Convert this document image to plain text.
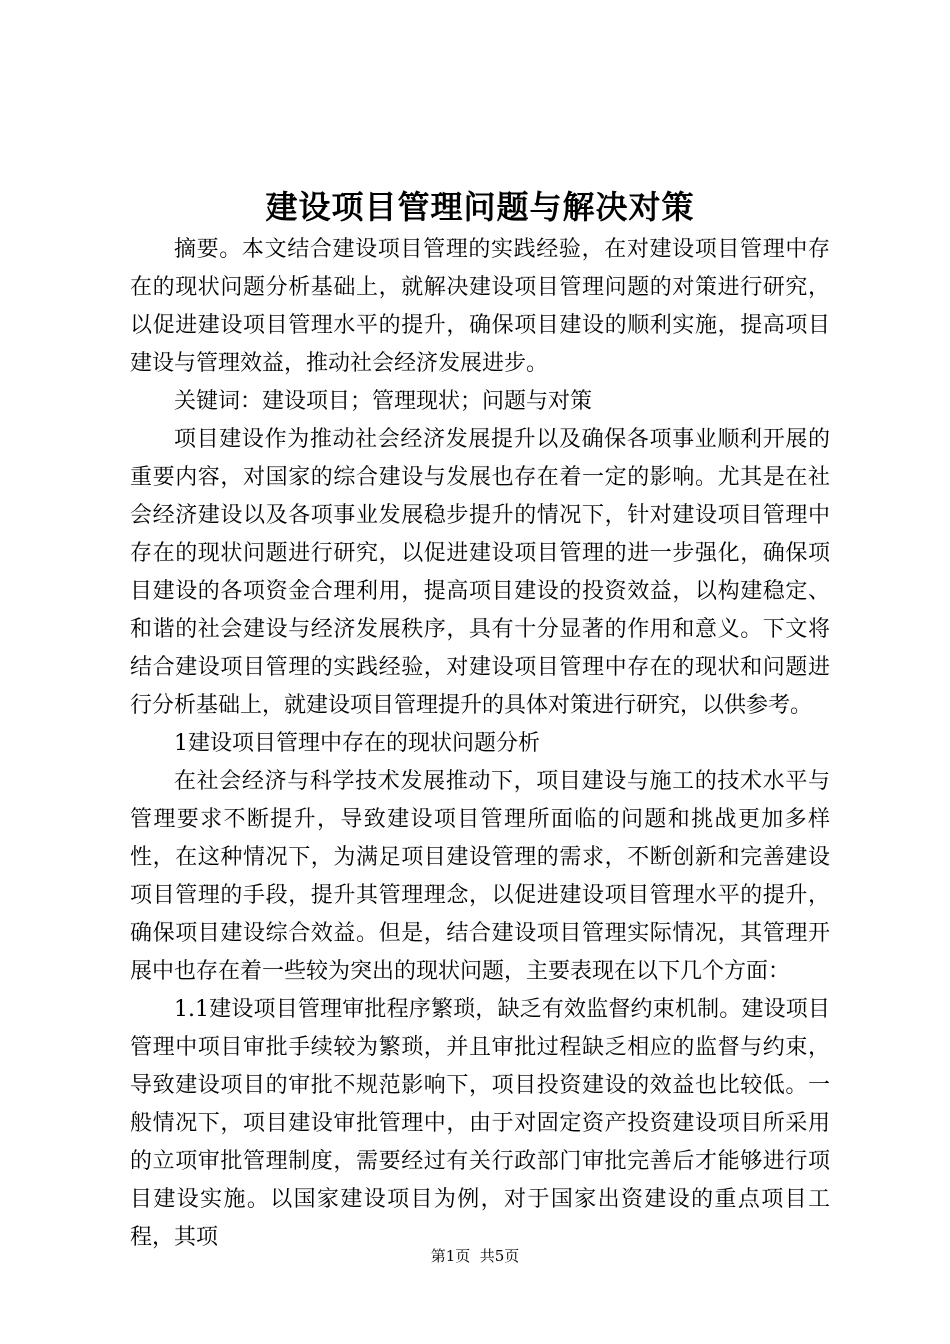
建设项目管理问题与解决对策

摘要。本文结合建设项目管理的实践经验，在对建设项目管理中存在的现状问题分析基础上，就解决建设项目管理问题的对策进行研究，以促进建设项目管理水平的提升，确保项目建设的顺利实施，提高项目建设与管理效益，推动社会经济发展进步。

关键词：建设项目；管理现状；问题与对策

项目建设作为推动社会经济发展提升以及确保各项事业顺利开展的重要内容，对国家的综合建设与发展也存在着一定的影响。尤其是在社会经济建设以及各项事业发展稳步提升的情况下，针对建设项目管理中存在的现状问题进行研究，以促进建设项目管理的进一步强化，确保项目建设的各项资金合理利用，提高项目建设的投资效益，以构建稳定、和谐的社会建设与经济发展秩序，具有十分显著的作用和意义。下文将结合建设项目管理的实践经验，对建设项目管理中存在的现状和问题进行分析基础上，就建设项目管理提升的具体对策进行研究，以供参考。

1建设项目管理中存在的现状问题分析

在社会经济与科学技术发展推动下，项目建设与施工的技术水平与管理要求不断提升，导致建设项目管理所面临的问题和挑战更加多样性，在这种情况下，为满足项目建设管理的需求，不断创新和完善建设项目管理的手段，提升其管理理念，以促进建设项目管理水平的提升，确保项目建设综合效益。但是，结合建设项目管理实际情况，其管理开展中也存在着一些较为突出的现状问题，主要表现在以下几个方面：

1.1建设项目管理审批程序繁琐，缺乏有效监督约束机制。建设项目管理中项目审批手续较为繁琐，并且审批过程缺乏相应的监督与约束，导致建设项目的审批不规范影响下，项目投资建设的效益也比较低。一般情况下，项目建设审批管理中，由于对固定资产投资建设项目所采用的立项审批管理制度，需要经过有关行政部门审批完善后才能够进行项目建设实施。以国家建设项目为例，对于国家出资建设的重点项目工程，其项

第1页  共5页
